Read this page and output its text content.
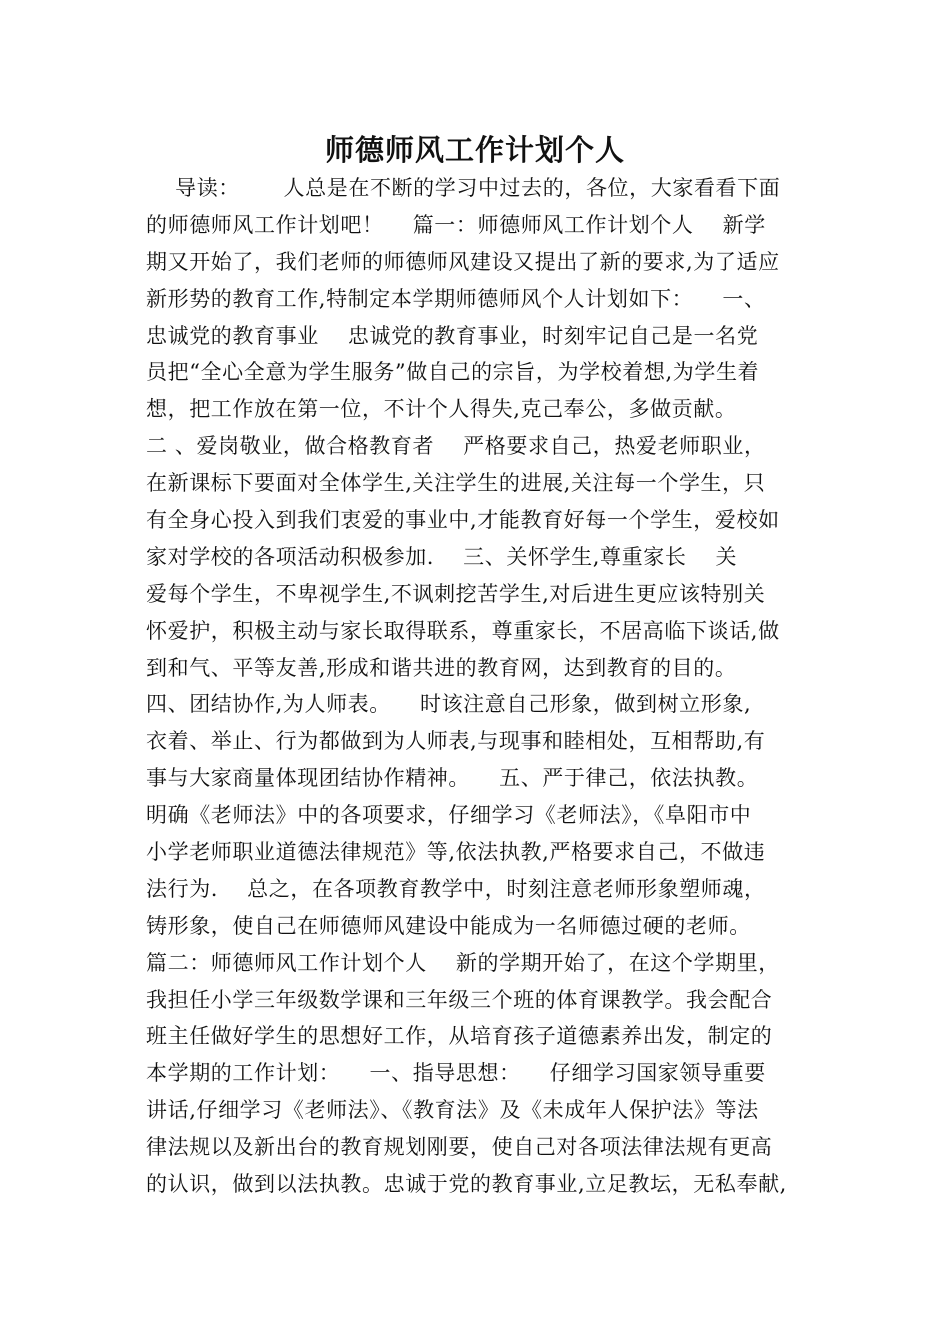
师德师风工作计划个人
导读：      人总是在不断的学习中过去的，各位，大家看看下面
的师德师风工作计划吧！    篇一：师德师风工作计划个人    新学
期又开始了，我们老师的师德师风建设又提出了新的要求,为了适应
新形势的教育工作,特制定本学期师德师风个人计划如下：    一、
忠诚党的教育事业    忠诚党的教育事业，时刻牢记自己是一名党
员把“全心全意为学生服务”做自己的宗旨，为学校着想,为学生着
想，把工作放在第一位，不计个人得失,克己奉公，多做贡献。
二 、爱岗敬业，做合格教育者    严格要求自己，热爱老师职业，
在新课标下要面对全体学生,关注学生的进展,关注每一个学生，只
有全身心投入到我们衷爱的事业中,才能教育好每一个学生，爱校如
家对学校的各项活动积极参加.    三、关怀学生,尊重家长    关
爱每个学生，不卑视学生,不讽刺挖苦学生,对后进生更应该特别关
怀爱护，积极主动与家长取得联系，尊重家长，不居高临下谈话,做
到和气、平等友善,形成和谐共进的教育网，达到教育的目的。
四、团结协作,为人师表。    时该注意自己形象，做到树立形象,
衣着、举止、行为都做到为人师表,与现事和睦相处，互相帮助,有
事与大家商量体现团结协作精神。    五、严于律己，依法执教。
明确《老师法》中的各项要求，仔细学习《老师法》，《阜阳市中
小学老师职业道德法律规范》等,依法执教,严格要求自己，不做违
法行为.    总之，在各项教育教学中，时刻注意老师形象塑师魂，
铸形象，使自己在师德师风建设中能成为一名师德过硬的老师。
篇二：师德师风工作计划个人    新的学期开始了，在这个学期里，
我担任小学三年级数学课和三年级三个班的体育课教学。我会配合
班主任做好学生的思想好工作，从培育孩子道德素养出发，制定的
本学期的工作计划：    一、指导思想：    仔细学习国家领导重要
讲话,仔细学习《老师法》、《教育法》及《未成年人保护法》等法
律法规以及新出台的教育规划刚要，使自己对各项法律法规有更高
的认识，做到以法执教。忠诚于党的教育事业,立足教坛，无私奉献,
